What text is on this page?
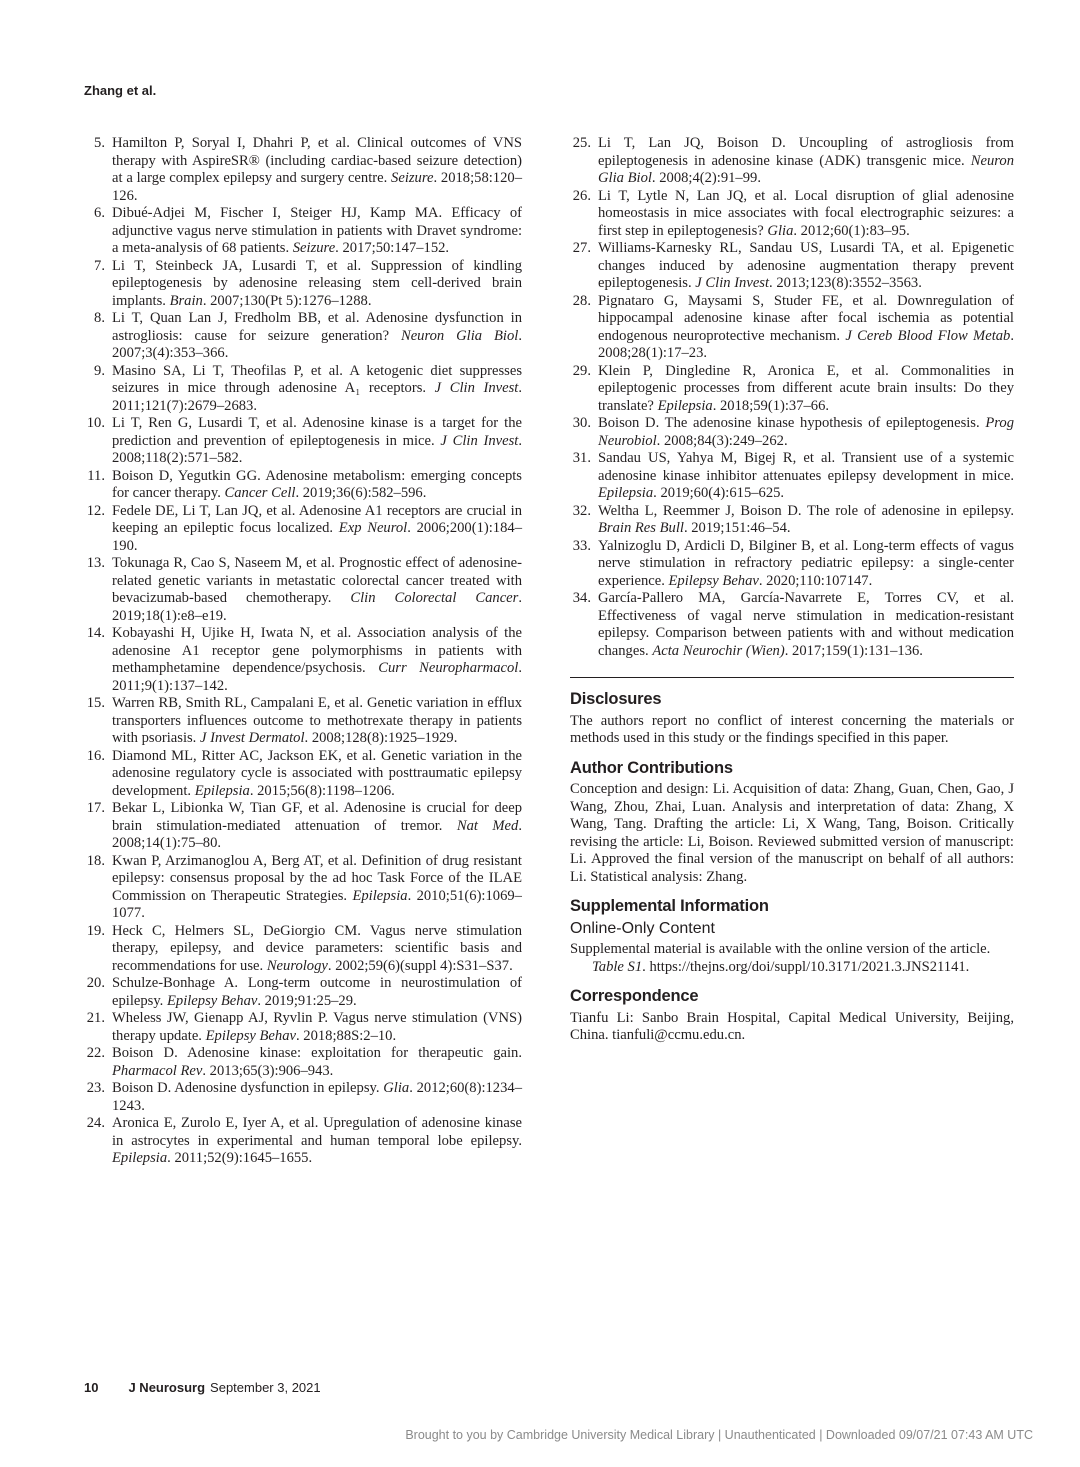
Zhang et al.
5. Hamilton P, Soryal I, Dhahri P, et al. Clinical outcomes of VNS therapy with AspireSR® (including cardiac-based seizure detection) at a large complex epilepsy and surgery centre. Seizure. 2018;58:120–126.
6. Dibué-Adjei M, Fischer I, Steiger HJ, Kamp MA. Efficacy of adjunctive vagus nerve stimulation in patients with Dravet syndrome: a meta-analysis of 68 patients. Seizure. 2017;50:147–152.
7. Li T, Steinbeck JA, Lusardi T, et al. Suppression of kindling epileptogenesis by adenosine releasing stem cell-derived brain implants. Brain. 2007;130(Pt 5):1276–1288.
8. Li T, Quan Lan J, Fredholm BB, et al. Adenosine dysfunction in astrogliosis: cause for seizure generation? Neuron Glia Biol. 2007;3(4):353–366.
9. Masino SA, Li T, Theofilas P, et al. A ketogenic diet suppresses seizures in mice through adenosine A₁ receptors. J Clin Invest. 2011;121(7):2679–2683.
10. Li T, Ren G, Lusardi T, et al. Adenosine kinase is a target for the prediction and prevention of epileptogenesis in mice. J Clin Invest. 2008;118(2):571–582.
11. Boison D, Yegutkin GG. Adenosine metabolism: emerging concepts for cancer therapy. Cancer Cell. 2019;36(6):582–596.
12. Fedele DE, Li T, Lan JQ, et al. Adenosine A1 receptors are crucial in keeping an epileptic focus localized. Exp Neurol. 2006;200(1):184–190.
13. Tokunaga R, Cao S, Naseem M, et al. Prognostic effect of adenosine-related genetic variants in metastatic colorectal cancer treated with bevacizumab-based chemotherapy. Clin Colorectal Cancer. 2019;18(1):e8–e19.
14. Kobayashi H, Ujike H, Iwata N, et al. Association analysis of the adenosine A1 receptor gene polymorphisms in patients with methamphetamine dependence/psychosis. Curr Neuropharmacol. 2011;9(1):137–142.
15. Warren RB, Smith RL, Campalani E, et al. Genetic variation in efflux transporters influences outcome to methotrexate therapy in patients with psoriasis. J Invest Dermatol. 2008;128(8):1925–1929.
16. Diamond ML, Ritter AC, Jackson EK, et al. Genetic variation in the adenosine regulatory cycle is associated with posttraumatic epilepsy development. Epilepsia. 2015;56(8):1198–1206.
17. Bekar L, Libionka W, Tian GF, et al. Adenosine is crucial for deep brain stimulation-mediated attenuation of tremor. Nat Med. 2008;14(1):75–80.
18. Kwan P, Arzimanoglou A, Berg AT, et al. Definition of drug resistant epilepsy: consensus proposal by the ad hoc Task Force of the ILAE Commission on Therapeutic Strategies. Epilepsia. 2010;51(6):1069–1077.
19. Heck C, Helmers SL, DeGiorgio CM. Vagus nerve stimulation therapy, epilepsy, and device parameters: scientific basis and recommendations for use. Neurology. 2002;59(6)(suppl 4):S31–S37.
20. Schulze-Bonhage A. Long-term outcome in neurostimulation of epilepsy. Epilepsy Behav. 2019;91:25–29.
21. Wheless JW, Gienapp AJ, Ryvlin P. Vagus nerve stimulation (VNS) therapy update. Epilepsy Behav. 2018;88S:2–10.
22. Boison D. Adenosine kinase: exploitation for therapeutic gain. Pharmacol Rev. 2013;65(3):906–943.
23. Boison D. Adenosine dysfunction in epilepsy. Glia. 2012;60(8):1234–1243.
24. Aronica E, Zurolo E, Iyer A, et al. Upregulation of adenosine kinase in astrocytes in experimental and human temporal lobe epilepsy. Epilepsia. 2011;52(9):1645–1655.
25. Li T, Lan JQ, Boison D. Uncoupling of astrogliosis from epileptogenesis in adenosine kinase (ADK) transgenic mice. Neuron Glia Biol. 2008;4(2):91–99.
26. Li T, Lytle N, Lan JQ, et al. Local disruption of glial adenosine homeostasis in mice associates with focal electrographic seizures: a first step in epileptogenesis? Glia. 2012;60(1):83–95.
27. Williams-Karnesky RL, Sandau US, Lusardi TA, et al. Epigenetic changes induced by adenosine augmentation therapy prevent epileptogenesis. J Clin Invest. 2013;123(8):3552–3563.
28. Pignataro G, Maysami S, Studer FE, et al. Downregulation of hippocampal adenosine kinase after focal ischemia as potential endogenous neuroprotective mechanism. J Cereb Blood Flow Metab. 2008;28(1):17–23.
29. Klein P, Dingledine R, Aronica E, et al. Commonalities in epileptogenic processes from different acute brain insults: Do they translate? Epilepsia. 2018;59(1):37–66.
30. Boison D. The adenosine kinase hypothesis of epileptogenesis. Prog Neurobiol. 2008;84(3):249–262.
31. Sandau US, Yahya M, Bigej R, et al. Transient use of a systemic adenosine kinase inhibitor attenuates epilepsy development in mice. Epilepsia. 2019;60(4):615–625.
32. Weltha L, Reemmer J, Boison D. The role of adenosine in epilepsy. Brain Res Bull. 2019;151:46–54.
33. Yalnizoglu D, Ardicli D, Bilginer B, et al. Long-term effects of vagus nerve stimulation in refractory pediatric epilepsy: a single-center experience. Epilepsy Behav. 2020;110:107147.
34. García-Pallero MA, García-Navarrete E, Torres CV, et al. Effectiveness of vagal nerve stimulation in medication-resistant epilepsy. Comparison between patients with and without medication changes. Acta Neurochir (Wien). 2017;159(1):131–136.
Disclosures

The authors report no conflict of interest concerning the materials or methods used in this study or the findings specified in this paper.

Author Contributions

Conception and design: Li. Acquisition of data: Zhang, Guan, Chen, Gao, J Wang, Zhou, Zhai, Luan. Analysis and interpretation of data: Zhang, X Wang, Tang. Drafting the article: Li, X Wang, Tang, Boison. Critically revising the article: Li, Boison. Reviewed submitted version of manuscript: Li. Approved the final version of the manuscript on behalf of all authors: Li. Statistical analysis: Zhang.

Supplemental Information
Online-Only Content

Supplemental material is available with the online version of the article.

Table S1. https://thejns.org/doi/suppl/10.3171/2021.3.JNS21141.

Correspondence

Tianfu Li: Sanbo Brain Hospital, Capital Medical University, Beijing, China. tianfuli@ccmu.edu.cn.

10 J Neurosurg September 3, 2021
Brought to you by Cambridge University Medical Library | Unauthenticated | Downloaded 09/07/21 07:43 AM UTC
